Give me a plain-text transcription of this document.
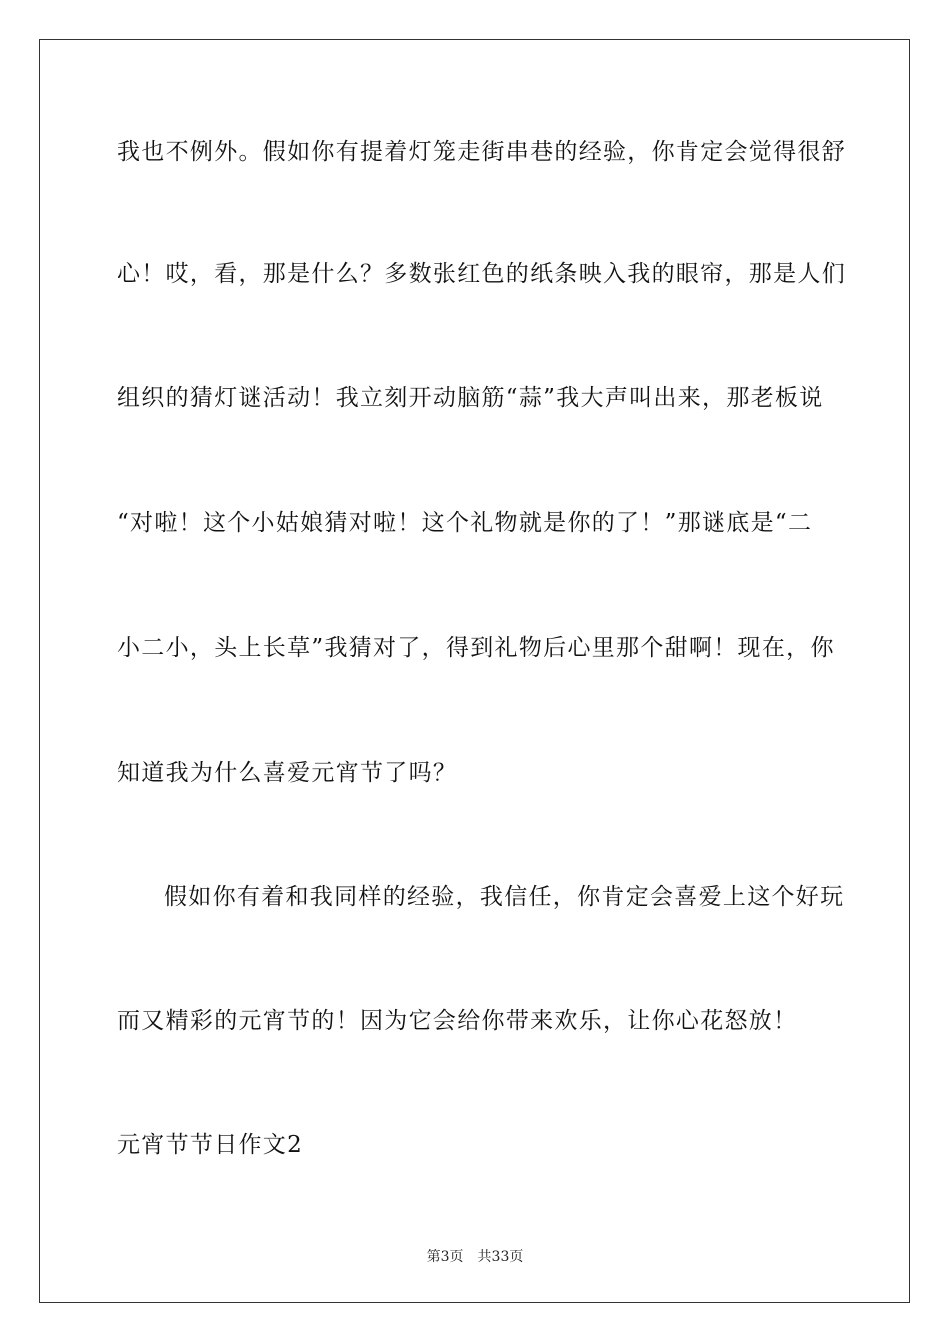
我也不例外。假如你有提着灯笼走街串巷的经验，你肯定会觉得很舒
心！哎，看，那是什么？多数张红色的纸条映入我的眼帘，那是人们
组织的猜灯谜活动！我立刻开动脑筋“蒜”我大声叫出来，那老板说
“对啦！这个小姑娘猜对啦！这个礼物就是你的了！”那谜底是“二
小二小，头上长草”我猜对了，得到礼物后心里那个甜啊！现在，你
知道我为什么喜爱元宵节了吗？
假如你有着和我同样的经验，我信任，你肯定会喜爱上这个好玩
而又精彩的元宵节的！因为它会给你带来欢乐，让你心花怒放！
元宵节节日作文2
第3页 共33页
